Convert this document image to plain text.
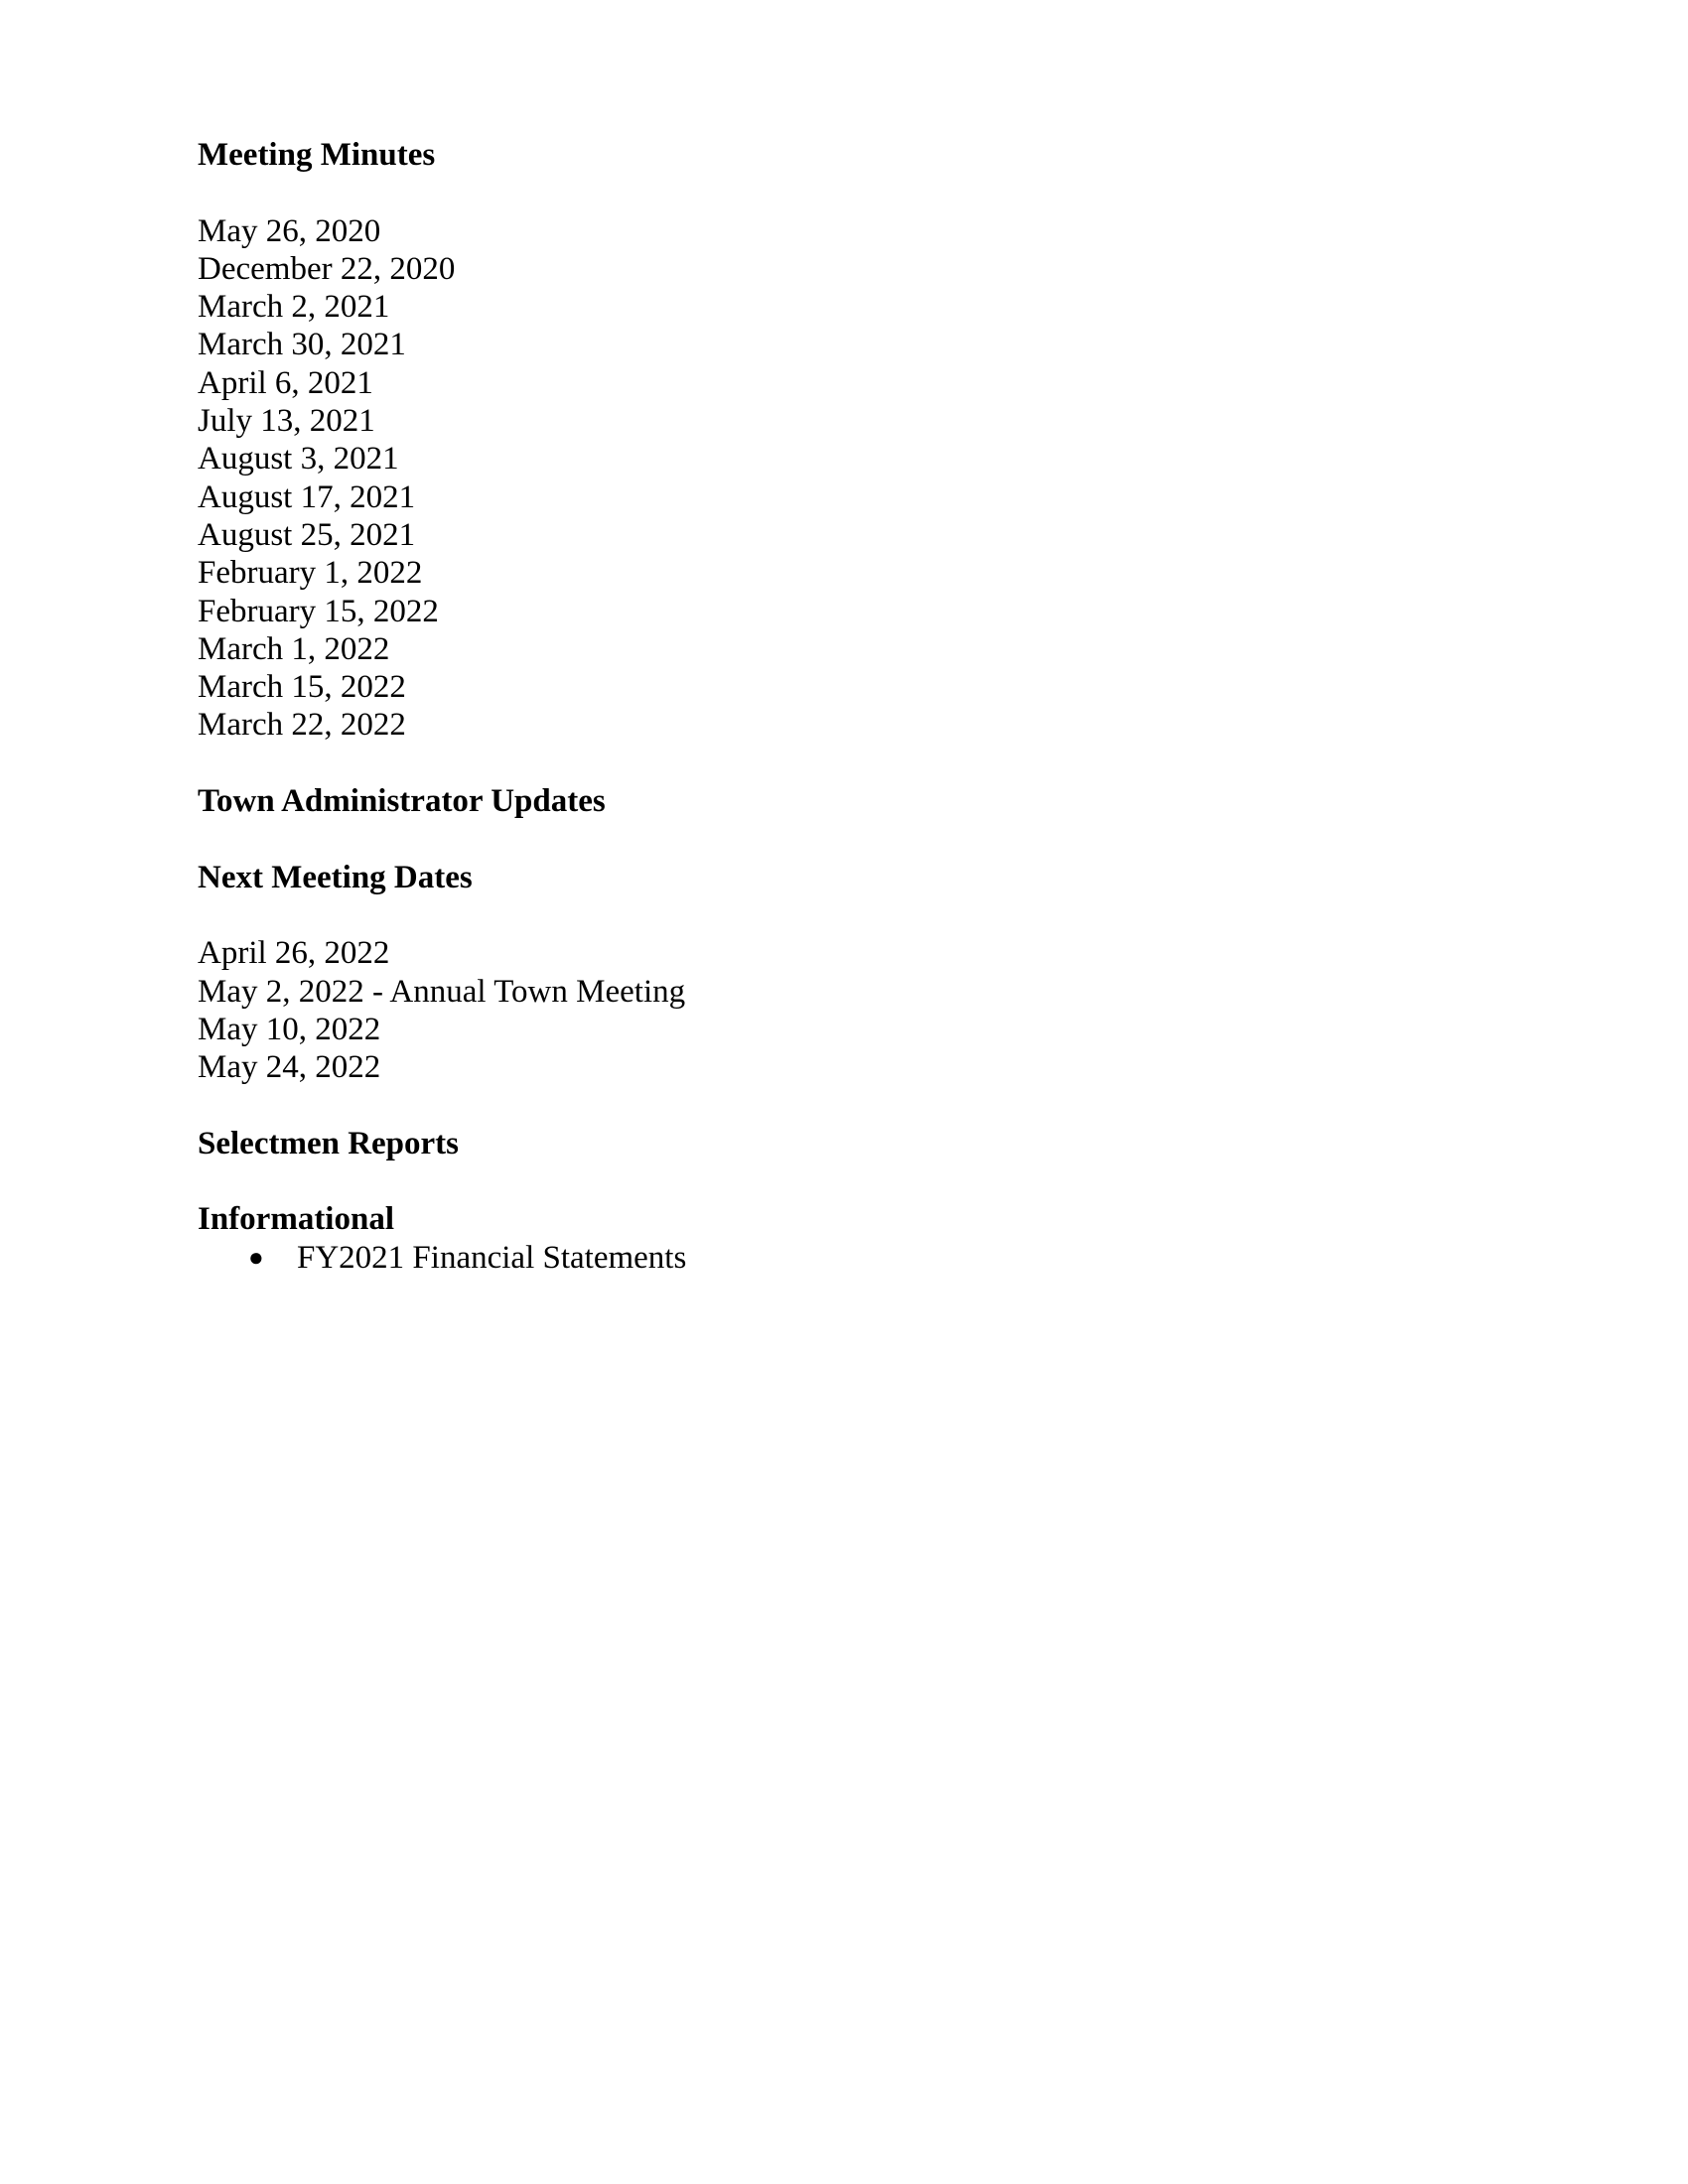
Meeting Minutes
May 26, 2020
December 22, 2020
March 2, 2021
March 30, 2021
April 6, 2021
July 13, 2021
August 3, 2021
August 17, 2021
August 25, 2021
February 1, 2022
February 15, 2022
March 1, 2022
March 15, 2022
March 22, 2022
Town Administrator Updates
Next Meeting Dates
April 26, 2022
May 2, 2022 - Annual Town Meeting
May 10, 2022
May 24, 2022
Selectmen Reports
Informational
● FY2021 Financial Statements
